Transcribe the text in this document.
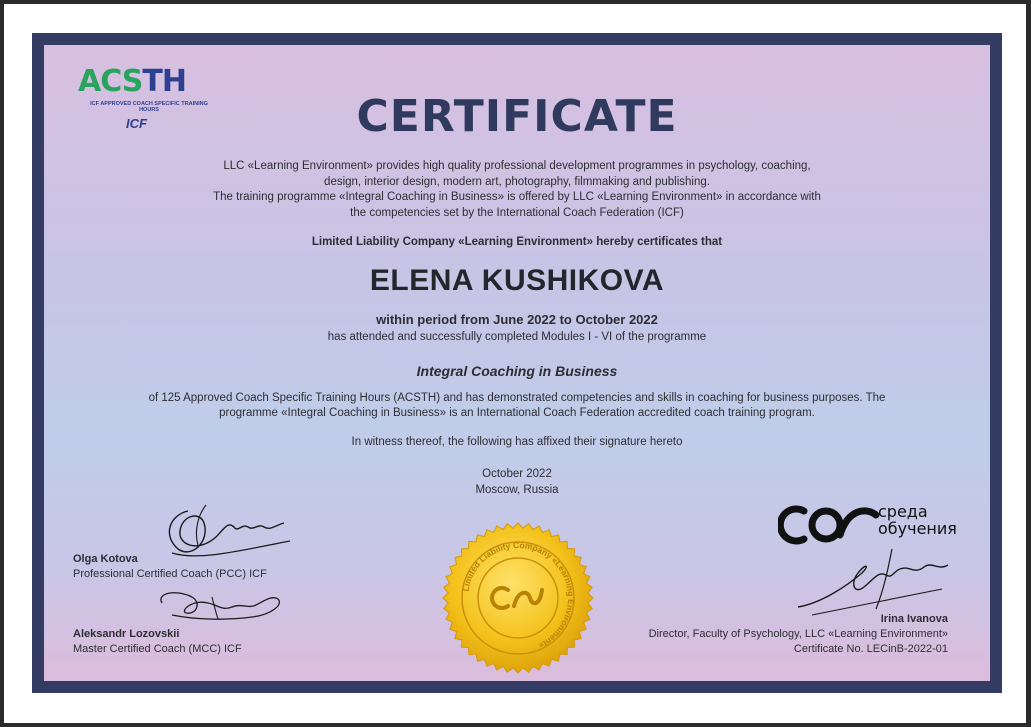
ACSTH
ICF APPROVED COACH SPECIFIC TRAINING HOURS
ICF	CERTIFICATE
LLC «Learning Environment» provides high quality professional development programmes in psychology, coaching,
design, interior design, modern art, photography, filmmaking and publishing.
The training programme «Integral Coaching in Business» is offered by LLC «Learning Environment» in accordance with
the competencies set by the International Coach Federation (ICF)
Limited Liability Company «Learning Environment» hereby certificates that
ELENA KUSHIKOVA
within period from June 2022 to October 2022
has attended and successfully completed Modules I - VI of the programme
Integral Coaching in Business
of 125 Approved Coach Specific Training Hours (ACSTH) and has demonstrated competencies and skills in coaching for business purposes. The
programme «Integral Coaching in Business» is an International Coach Federation accredited coach training program.
In witness thereof, the following has affixed their signature hereto
October 2022
Moscow, Russia
Olga Kotova
Professional Certified Coach (PCC) ICF
Aleksandr Lozovskii
Master Certified Coach (MCC) ICF
Limited Liability Company «Learning Environment»
среда
обучения
Irina Ivanova
Director, Faculty of Psychology, LLC «Learning Environment»
Certificate No. LECinB-2022-01
